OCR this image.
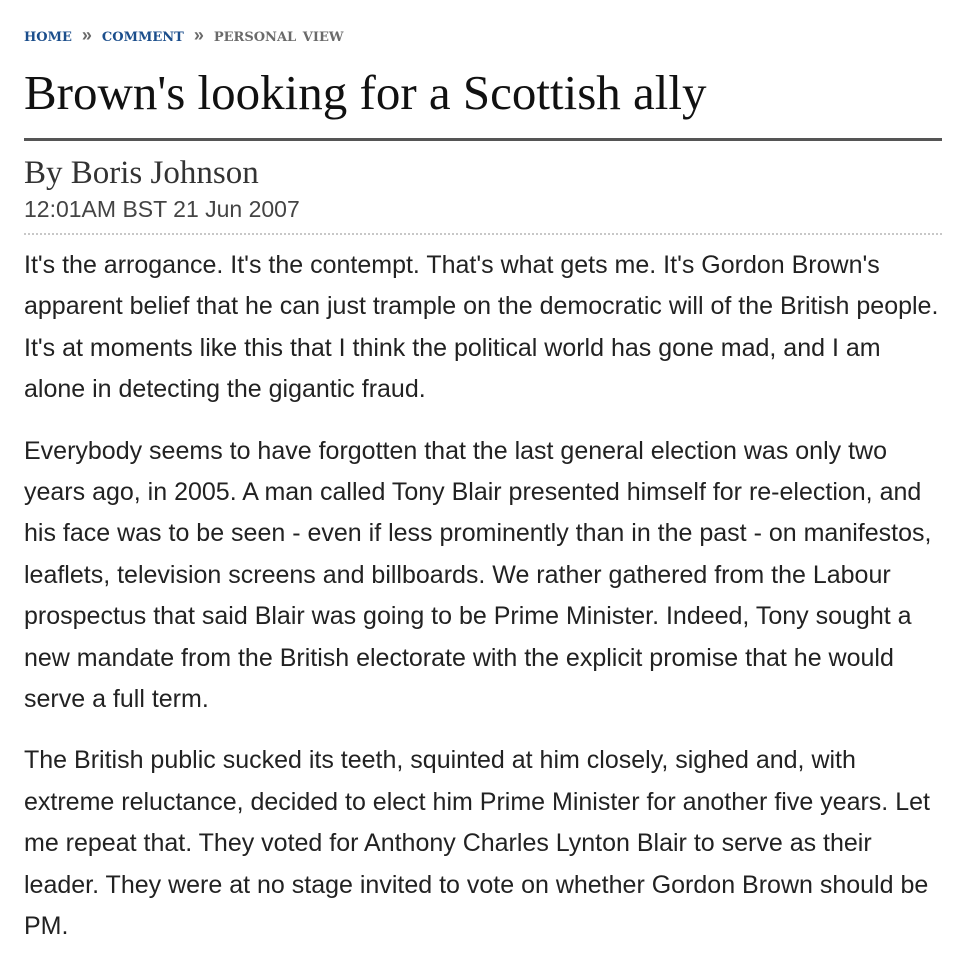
home » comment » personal view
Brown's looking for a Scottish ally
By Boris Johnson
12:01AM BST 21 Jun 2007

It's the arrogance. It's the contempt. That's what gets me. It's Gordon Brown's apparent belief that he can just trample on the democratic will of the British people. It's at moments like this that I think the political world has gone mad, and I am alone in detecting the gigantic fraud.

Everybody seems to have forgotten that the last general election was only two years ago, in 2005. A man called Tony Blair presented himself for re-election, and his face was to be seen - even if less prominently than in the past - on manifestos, leaflets, television screens and billboards. We rather gathered from the Labour prospectus that said Blair was going to be Prime Minister. Indeed, Tony sought a new mandate from the British electorate with the explicit promise that he would serve a full term.

The British public sucked its teeth, squinted at him closely, sighed and, with extreme reluctance, decided to elect him Prime Minister for another five years. Let me repeat that. They voted for Anthony Charles Lynton Blair to serve as their leader. They were at no stage invited to vote on whether Gordon Brown should be PM.
